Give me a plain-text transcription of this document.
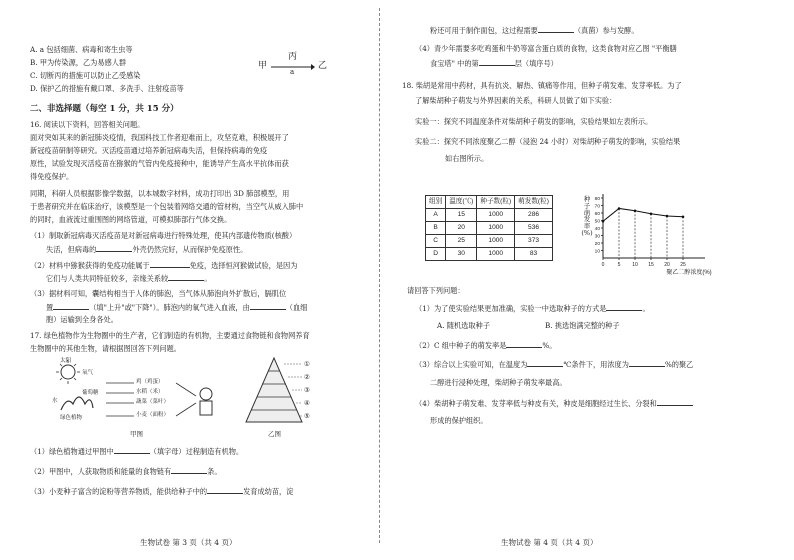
A. a 包括细菌、病毒和寄生虫等
B. 甲为传染源，乙为易感人群
C. 切断丙的措施可以防止乙受感染
D. 保护乙的措施有戴口罩、多洗手、注射疫苗等
甲
丙
a
乙
二、非选择题（每空 1 分，共 15 分）
16. 阅读以下资料，回答相关问题。
面对突如其来的新冠肺炎疫情，我国科技工作者迎难而上，攻坚克难，积极展开了
新冠疫苗研制等研究。灭活疫苗通过培养新冠病毒失活，但保持病毒的免疫
原性，试验发现灭活疫苗在猕猴的气管内免疫接种中，能诱导产生高水平抗体而获
得免疫保护。
同期，科研人员根据影像学数据，以本城数字材料，成功打印出 3D 肺部模型，用
于患者研究并在临床治疗，该模型是一个包装着网络交通的管材构，当空气从威入肺中
的同时，血液流过重围图的网络管道，可模拟肺部行气体交换。
（1）制取新冠病毒灭活疫苗是对新冠病毒进行特殊处理，使其内部遗传物质(核酸）
失活，但病毒的	外壳仍然完好，从而保护免疫原性。
（2）材料中猕猴获得的免疫功能属于	免疫，选择恒河猴做试验，是因为
它们与人类共同特征较多，亲缘关系较	。
（3）据材料可知，囊结构相当于人体的肺泡，当气体从肺泡向外扩散后，膈肌位
置	（填"上升"或"下降"）。肺泡内的氧气进入血液，由	（血细
胞）运输到全身各处。
17. 绿色植物作为生物圈中的生产者，它们制造的有机物，主要通过食物链和食物网养育
生物圈中的其他生物，请根据图回答下列问题。
太阳
氧气
葡萄糖
绿色植物
水
鸡（鸡蛋）
水稻（米）
蔬菜（菜叶）
小麦（面粉）
甲图
①
②
③
④
⑤
乙图
（1）绿色植物通过甲图中	（填字母）过程制造有机物。
（2）甲图中，人获取物质和能量的食物链有	条。
（3）小麦种子富含的淀粉等营养物质，能供给种子中的	发育成幼苗，淀
生物试卷 第 3 页（共 4 页）
粉还可用于制作面包，这过程需要	（真菌）参与发酵。
（4）青少年需要多吃鸡蛋和牛奶等富含蛋白质的食物，这类食物对应乙图 "平衡膳
食宝塔" 中的第	层（填序号）
18. 柴胡是常用中药材，具有抗炎、解热、镇痛等作用，但种子萌发难、发芽率低。为了
了解柴胡种子萌发与外界因素的关系，科研人员做了如下实验：
实验一：探究不同温度条件对柴胡种子萌发的影响，实验结果如左表所示。
实验二：探究不同浓度聚乙二醇（浸泡 24 小时）对柴胡种子萌发的影响，实验结果
如右图所示。
组别	温度(℃)	种子数(粒)	萌发数(粒)
A	15	1000	286
B	20	1000	536
C	25	1000	373
D	30	1000	83
种子萌发率(%)
10
20
30
40
50
60
70
80
0	5 10 15 20 25
聚乙二醇浓度(%)
请回答下列问题：
（1）为了使实验结果更加准确，实验一中选取种子的方式是	。
A. 随机选取种子	B. 挑选饱满完整的种子
（2）C 组中种子的萌发率是	%。
（3）综合以上实验可知，在温度为	℃条件下，用浓度为	%的聚乙
二醇进行浸种处理，柴胡种子萌发率最高。
（4）柴胡种子萌发难、发芽率低与种皮有关，种皮是细胞经过生长、分裂和
形成的保护组织。
生物试卷 第 4 页（共 4 页）
